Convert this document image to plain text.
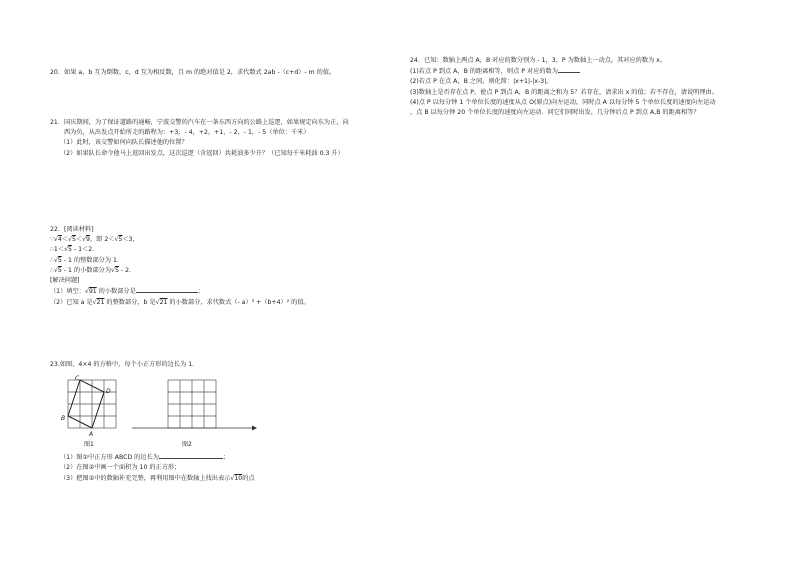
20．如果 a，b 互为倒数，c，d 互为相反数，且 m 的绝对值是 2，求代数式 2ab -（c+d）- m 的值。

21．国庆期间，为了保证道路的通畅，宁波交警的汽车在一条东西方向的公路上巡逻，如果规定向东为正，向

西为负，从出发点开始所走的路程为：+3，- 4，+2，+1，- 2，- 1，- 5（单位：千米）

（1）此时，该交警如何向队长描述他的位置？

（2）如果队长命令他马上返回出发点，这次巡逻（含返回）共耗油多少升？（已知每千米耗油 0.3 升）

22．[阅读材料]

∵√4＜√5＜√9，即 2＜√5＜3，

∴1＜√5 - 1＜2．

∴√5 - 1 的整数部分为 1．

∴√5 - 1 的小数部分为√5 - 2．

[解决问题]

（1）填空：√91 的小数部分是	；

（2）已知 a 是√21 的整数部分，b 是√21 的小数部分，求代数式（- a）³ +（b+4）² 的值。

23.如图，4×4 的方格中，每个小正方形的边长为 1．

C
D
B
A
图1	图2

（1）图①中正方形 ABCD 的边长为	；

（2）在图②中画一个面积为 10 的正方形；

（3）把图②中的数轴补充完整，再利用图中在数轴上找出表示√10的点

24．已知：数轴上两点 A，B 对应的数分别为 - 1，3，P 为数轴上一动点，其对应的数为 x。

(1)若点 P 到点 A，B 的距离相等，则点 P 对应的数为

(2)若点 P 在点 A，B 之间，则化简：|x+1|-|x-3|。

(3)数轴上是否存在点 P，使点 P 到点 A，B 的距离之和为 5？若存在，请求出 x 的值；若不存在，请说明理由。

(4)点 P 以每分钟 1 个单位长度的速度从点 O(原点)向左运动，同时点 A 以每分钟 5 个单位长度的速度向左运动

，点 B 以每分钟 20 个单位长度的速度向左运动．问它们同时出发，几分钟后点 P 到点 A,B 的距离相等？
